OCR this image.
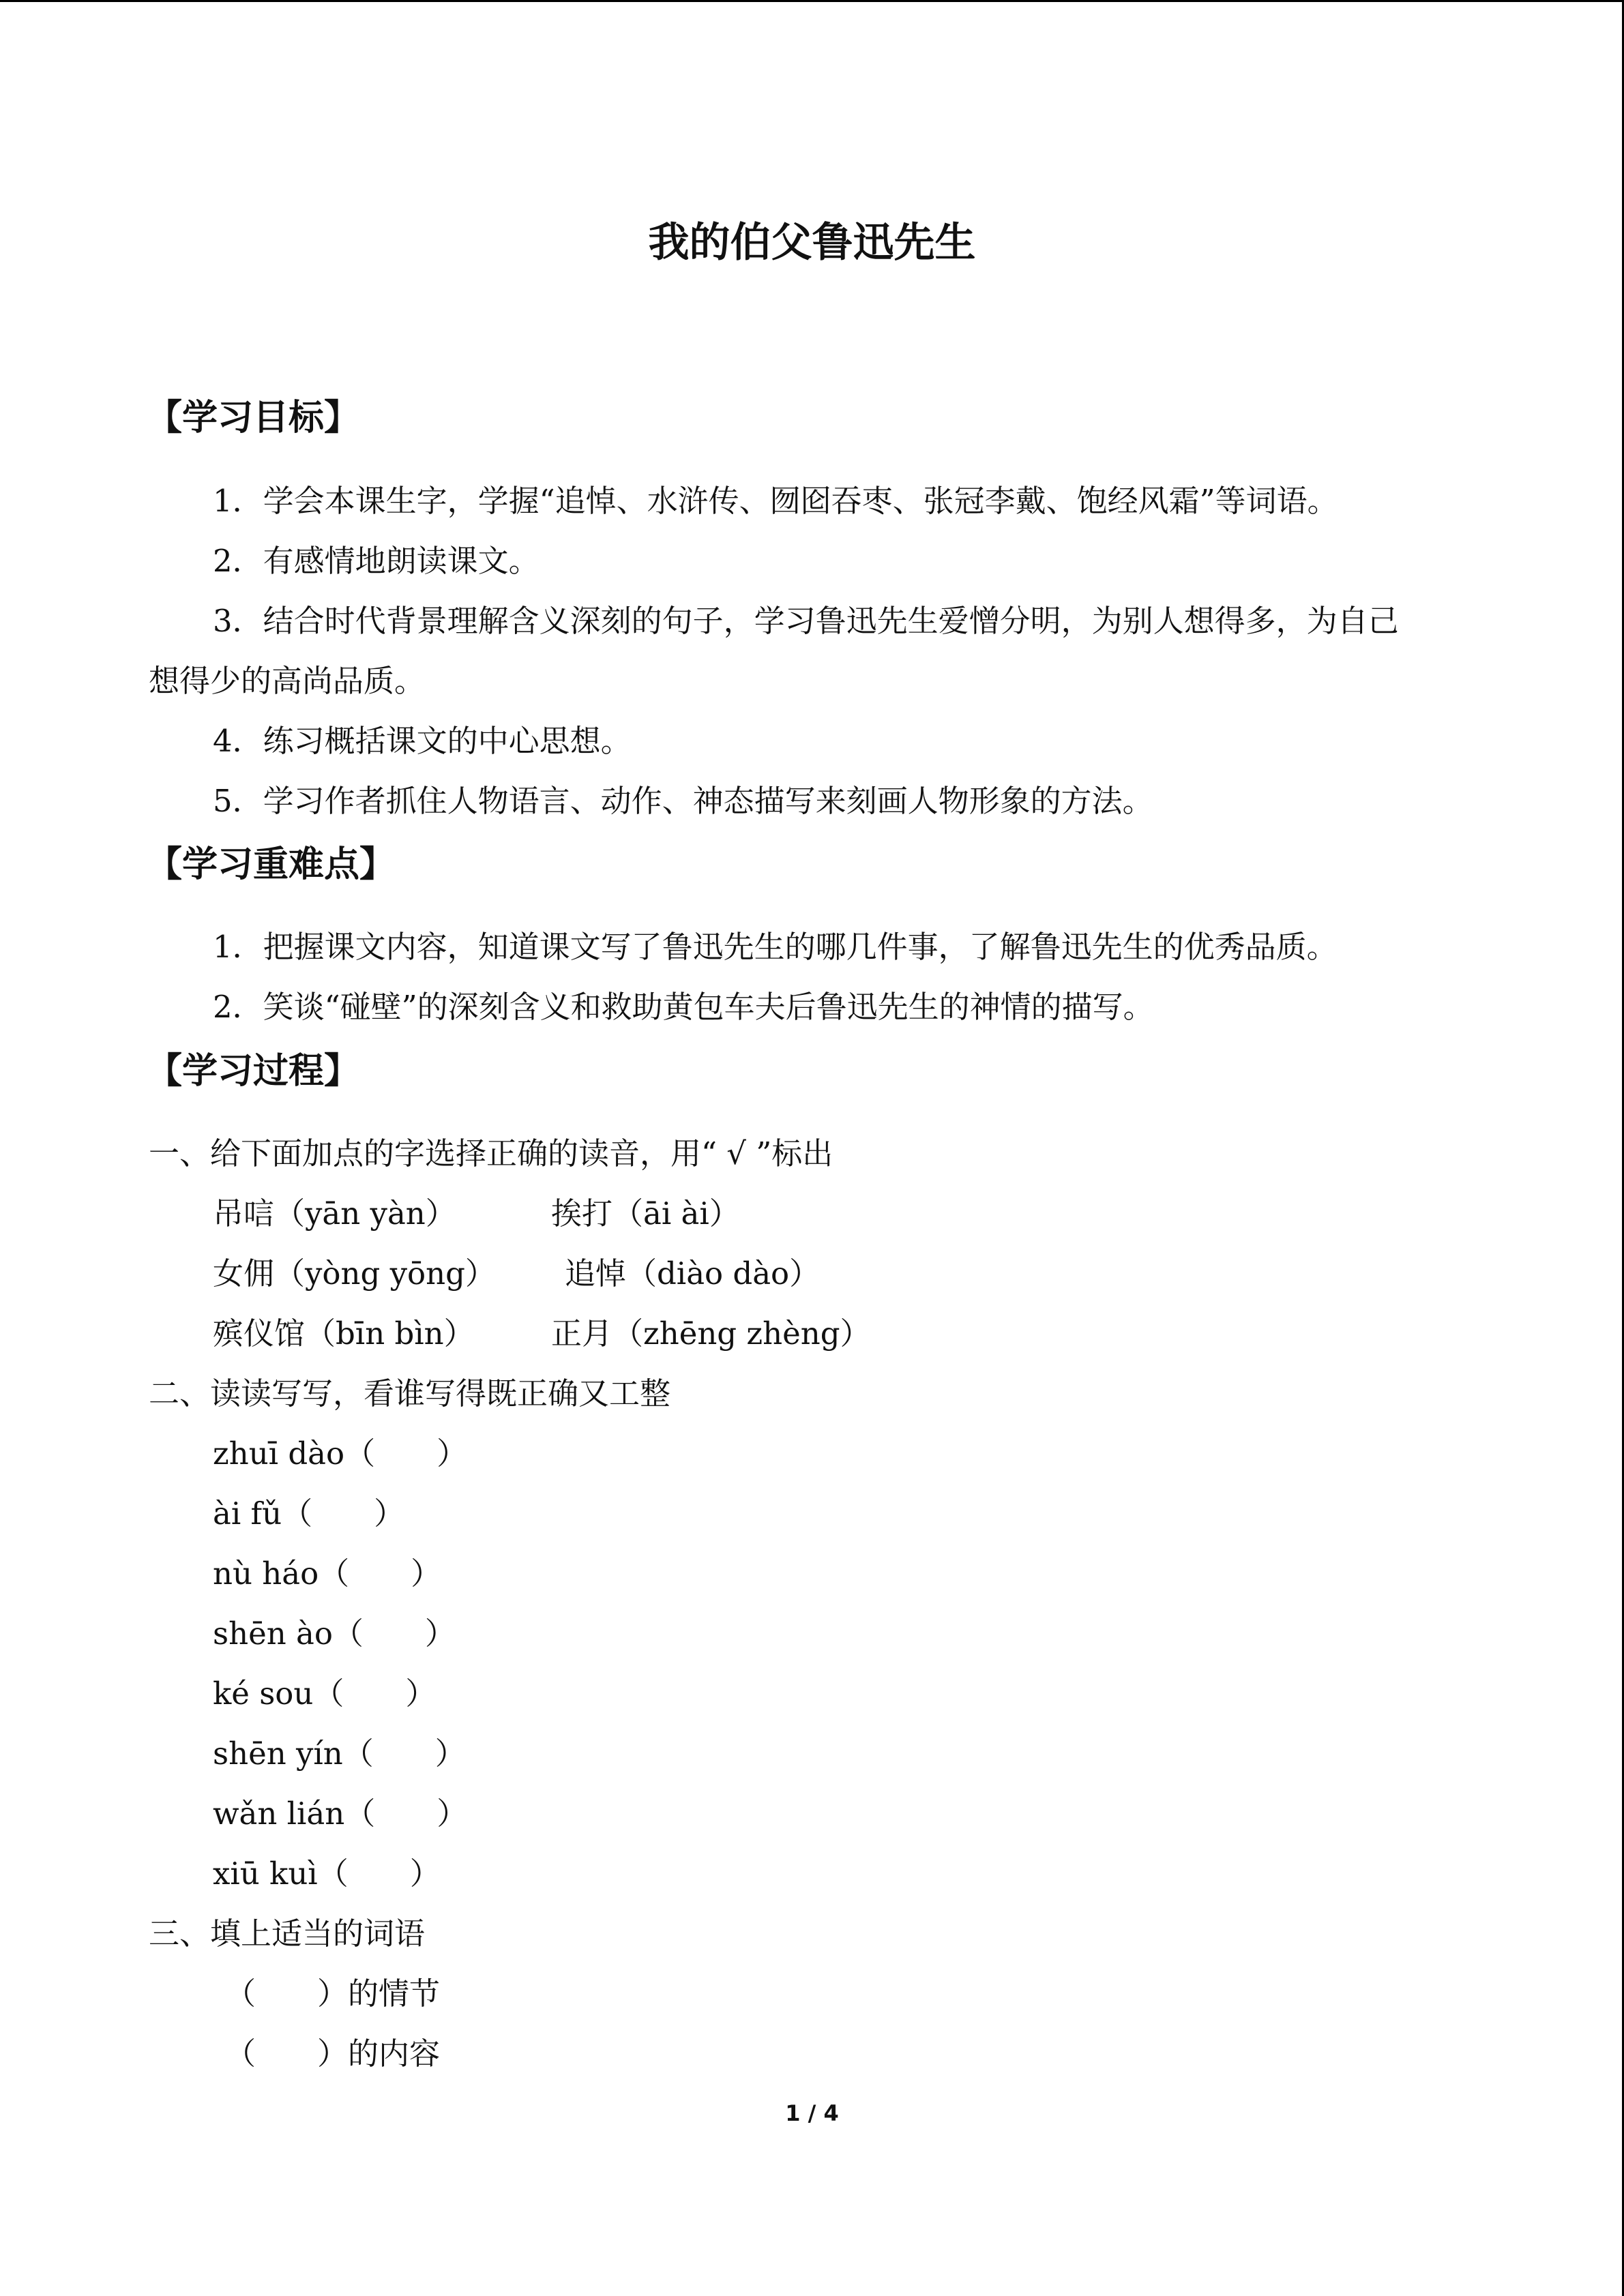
我的伯父鲁迅先生
【学习目标】
1．学会本课生字，学握“追悼、水浒传、囫囵吞枣、张冠李戴、饱经风霜”等词语。
2．有感情地朗读课文。
3．结合时代背景理解含义深刻的句子，学习鲁迅先生爱憎分明，为别人想得多，为自己
想得少的高尚品质。
4．练习概括课文的中心思想。
5．学习作者抓住人物语言、动作、神态描写来刻画人物形象的方法。
【学习重难点】
1．把握课文内容，知道课文写了鲁迅先生的哪几件事，了解鲁迅先生的优秀品质。
2．笑谈“碰壁”的深刻含义和救助黄包车夫后鲁迅先生的神情的描写。
【学习过程】
一、给下面加点的字选择正确的读音，用“ √ ”标出
吊唁（yān yàn）	挨打（āi ài）
女佣（yòng yōng） 追悼（diào dào）
殡仪馆（bīn bìn） 正月（zhēng zhèng）
二、读读写写，看谁写得既正确又工整
zhuī dào（　　）
ài fǔ（　　）
nù háo（　　）
shēn ào（　　）
ké sou（　　）
shēn yín（　　）
wǎn lián（　　）
xiū kuì（　　）
三、填上适当的词语
（　　）的情节
（　　）的内容
1 / 4
